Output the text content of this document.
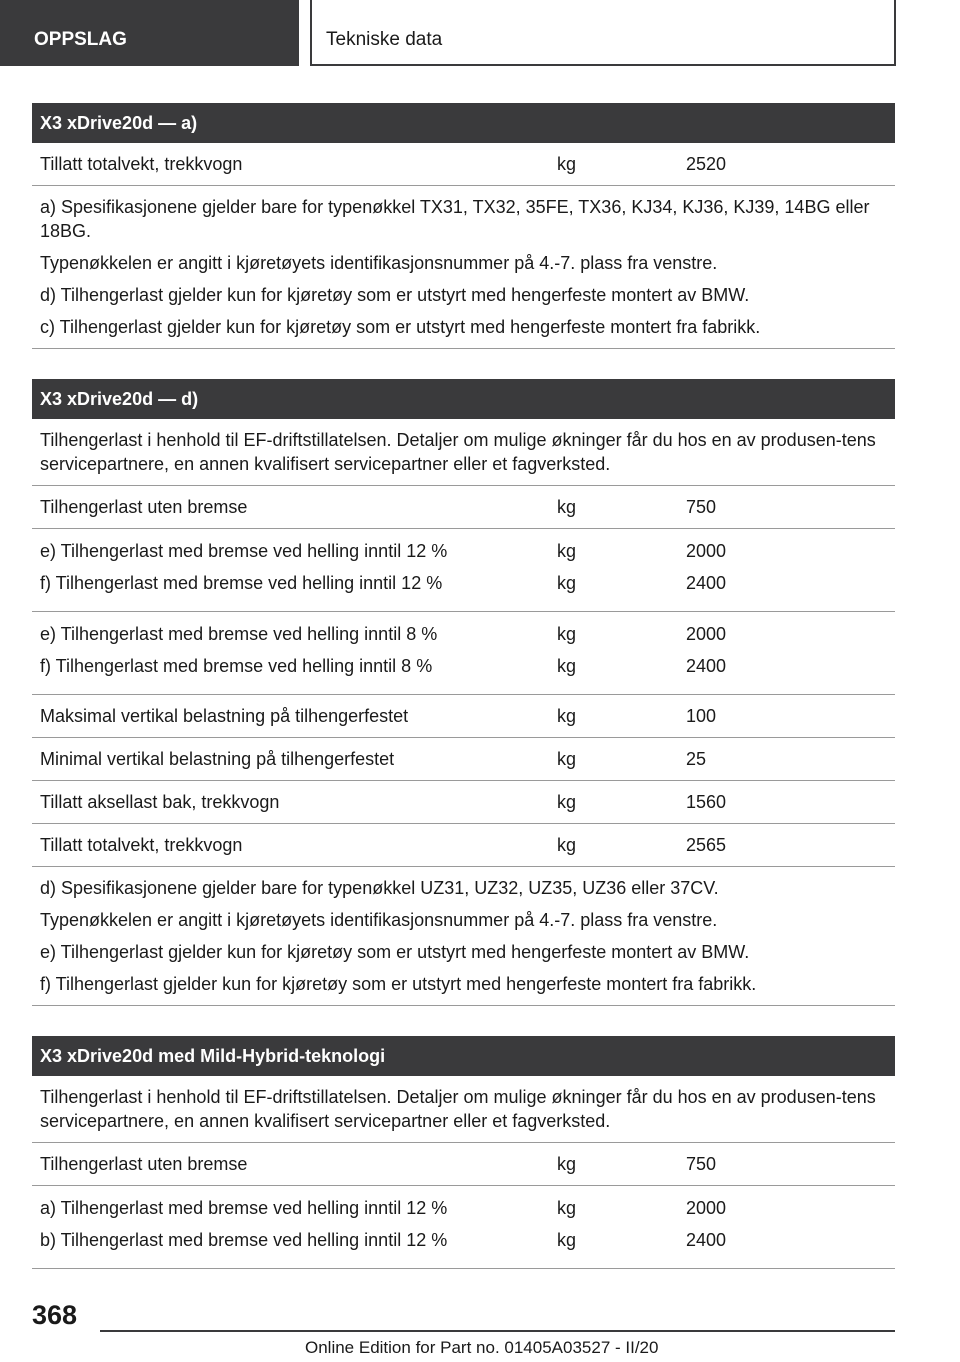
OPPSLAG	Tekniske data
X3 xDrive20d — a)
Tillatt totalvekt, trekkvogn	kg	2520

a) Spesifikasjonene gjelder bare for typenøkkel TX31, TX32, 35FE, TX36, KJ34, KJ36, KJ39, 14BG eller 18BG.

Typenøkkelen er angitt i kjøretøyets identifikasjonsnummer på 4.-7. plass fra venstre.

d) Tilhengerlast gjelder kun for kjøretøy som er utstyrt med hengerfeste montert av BMW.

c) Tilhengerlast gjelder kun for kjøretøy som er utstyrt med hengerfeste montert fra fabrikk.

X3 xDrive20d — d)

Tilhengerlast i henhold til EF-driftstillatelsen. Detaljer om mulige økninger får du hos en av produsen-tens servicepartnere, en annen kvalifisert servicepartner eller et fagverksted.

Tilhengerlast uten bremse	kg	750
e) Tilhengerlast med bremse ved helling inntil 12 %	kg	2000
f) Tilhengerlast med bremse ved helling inntil 12 %	kg	2400
e) Tilhengerlast med bremse ved helling inntil 8 %	kg	2000
f) Tilhengerlast med bremse ved helling inntil 8 %	kg	2400
Maksimal vertikal belastning på tilhengerfestet	kg	100
Minimal vertikal belastning på tilhengerfestet	kg	25
Tillatt aksellast bak, trekkvogn	kg	1560
Tillatt totalvekt, trekkvogn	kg	2565

d) Spesifikasjonene gjelder bare for typenøkkel UZ31, UZ32, UZ35, UZ36 eller 37CV.

Typenøkkelen er angitt i kjøretøyets identifikasjonsnummer på 4.-7. plass fra venstre.

e) Tilhengerlast gjelder kun for kjøretøy som er utstyrt med hengerfeste montert av BMW.

f) Tilhengerlast gjelder kun for kjøretøy som er utstyrt med hengerfeste montert fra fabrikk.

X3 xDrive20d med Mild-Hybrid-teknologi

Tilhengerlast i henhold til EF-driftstillatelsen. Detaljer om mulige økninger får du hos en av produsen-tens servicepartnere, en annen kvalifisert servicepartner eller et fagverksted.

Tilhengerlast uten bremse	kg	750
a) Tilhengerlast med bremse ved helling inntil 12 %	kg	2000
b) Tilhengerlast med bremse ved helling inntil 12 %	kg	2400
368
Online Edition for Part no. 01405A03527 - II/20
